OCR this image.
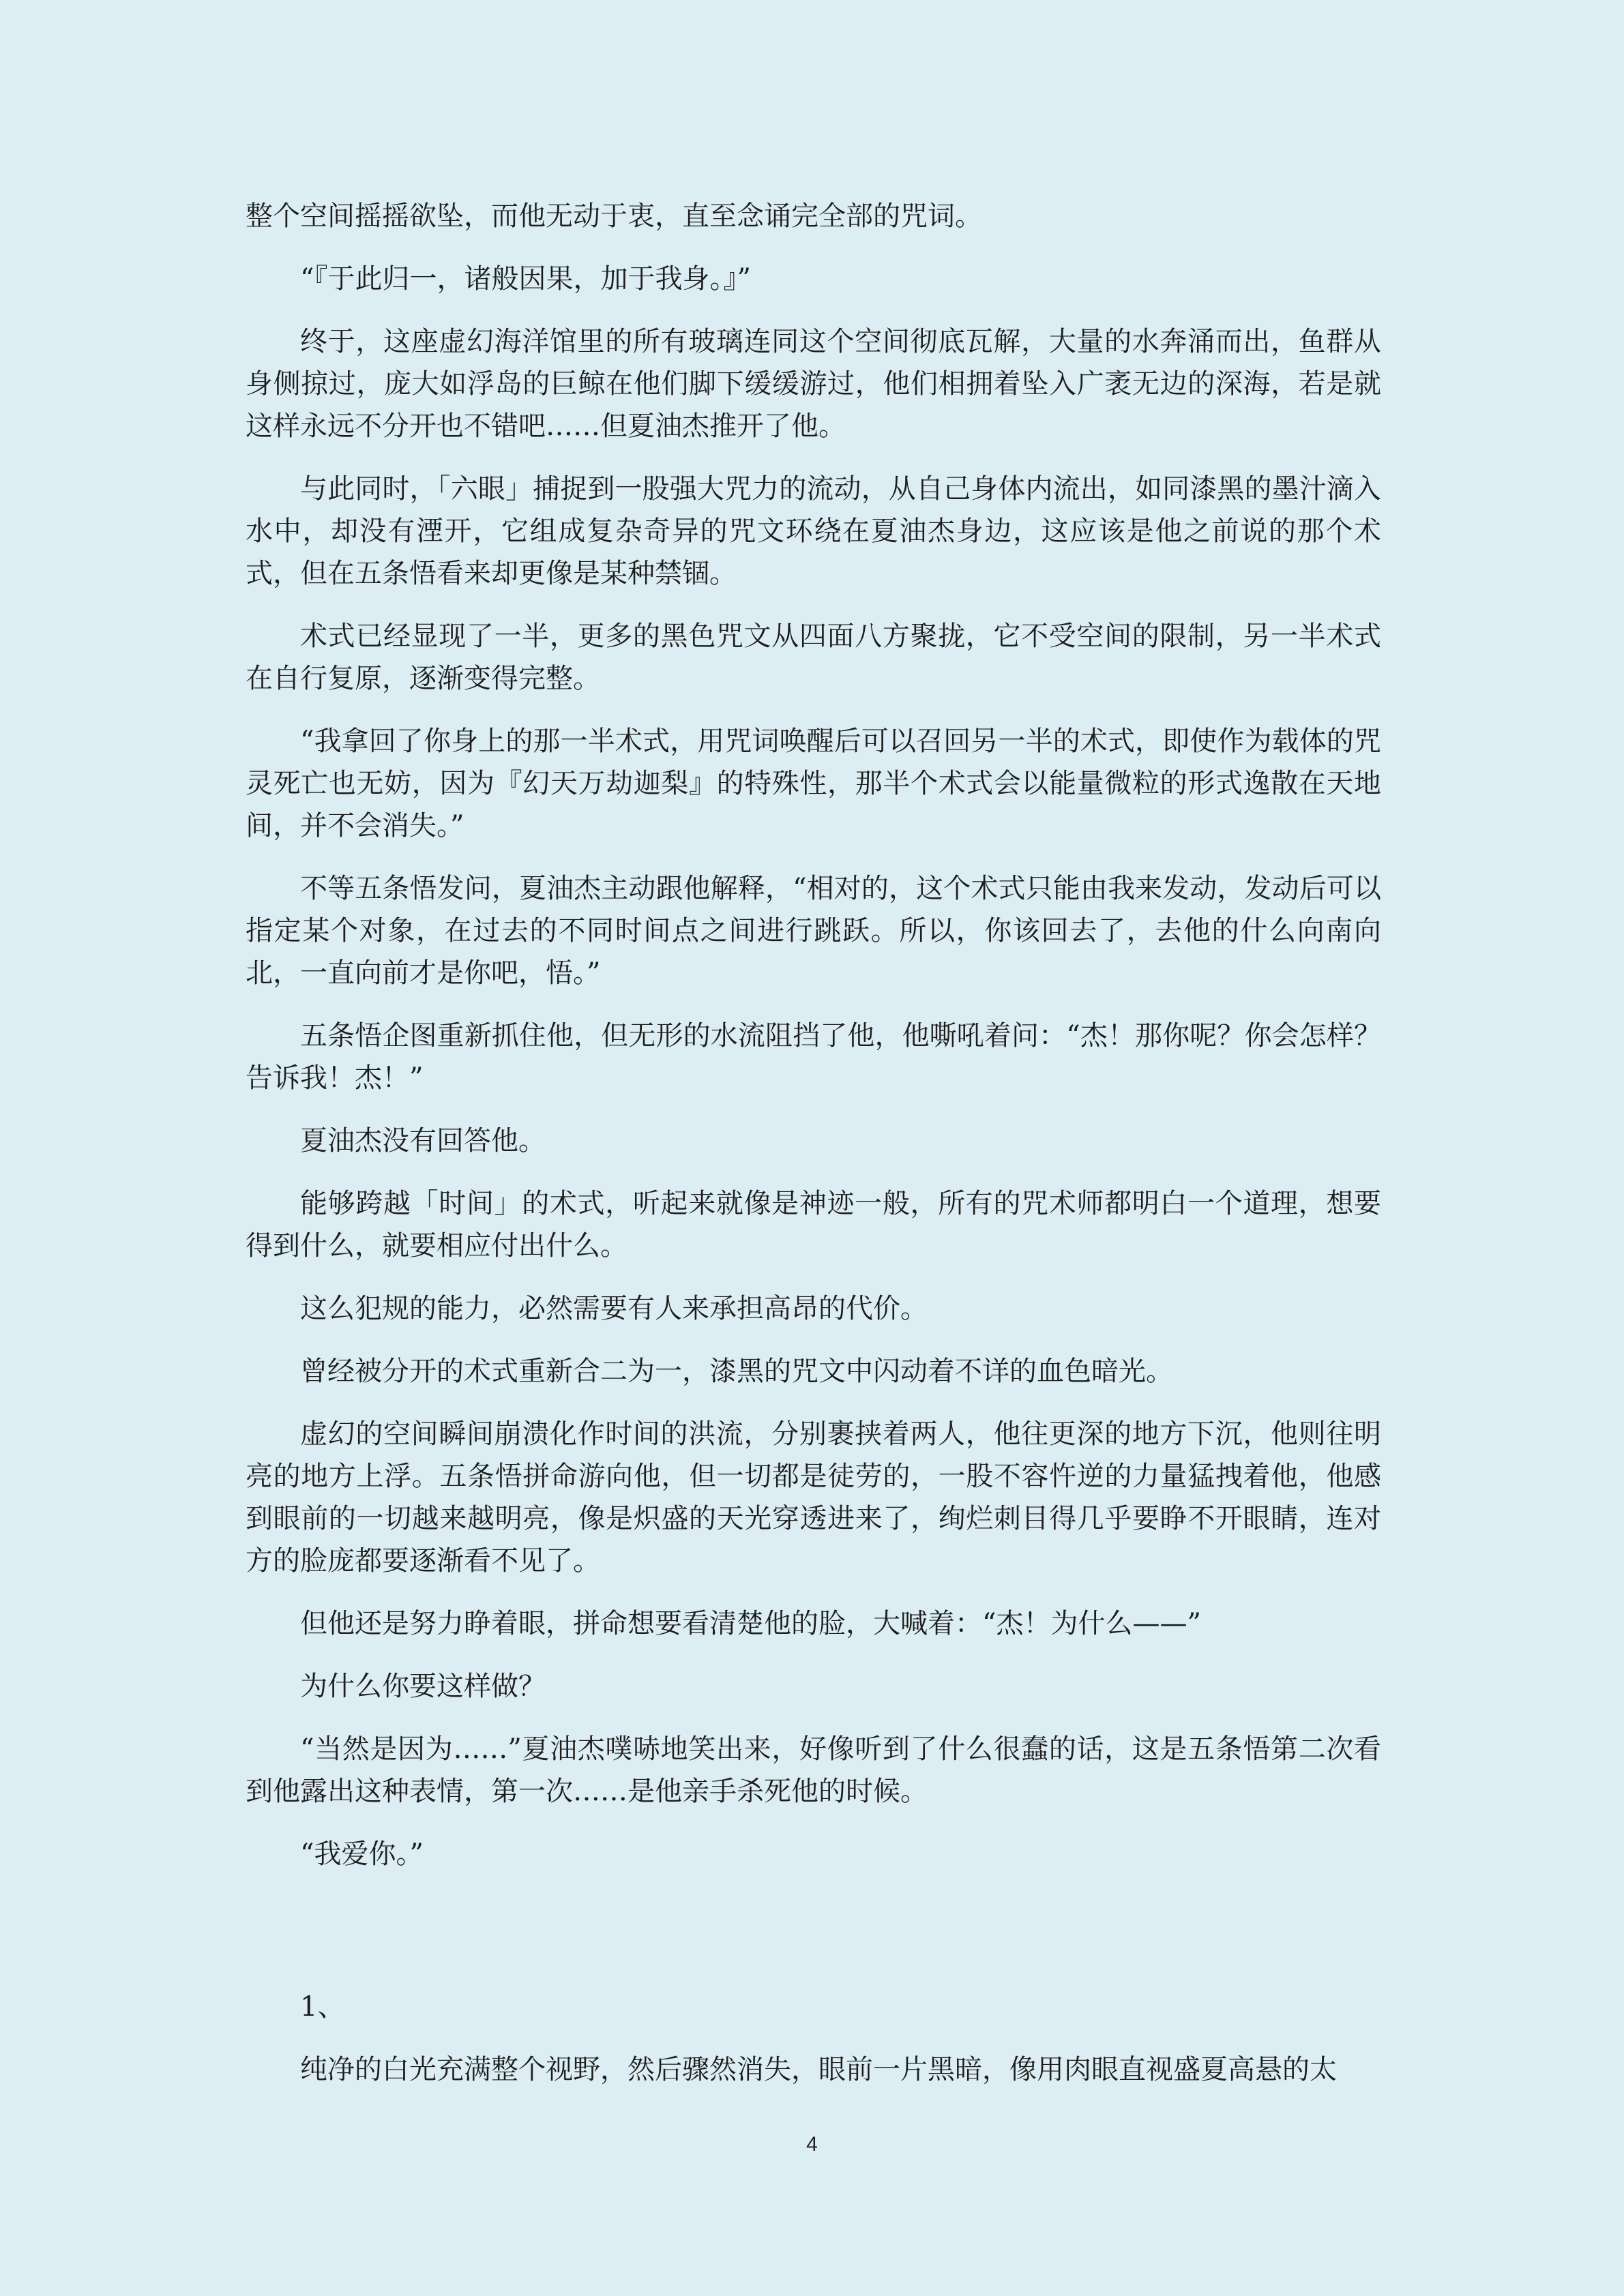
整个空间摇摇欲坠，而他无动于衷，直至念诵完全部的咒词。

“『于此归一，诸般因果，加于我身。』”

终于，这座虚幻海洋馆里的所有玻璃连同这个空间彻底瓦解，大量的水奔涌而出，鱼群从身侧掠过，庞大如浮岛的巨鲸在他们脚下缓缓游过，他们相拥着坠入广袤无边的深海，若是就这样永远不分开也不错吧……但夏油杰推开了他。

与此同时，「六眼」捕捉到一股强大咒力的流动，从自己身体内流出，如同漆黑的墨汁滴入水中，却没有湮开，它组成复杂奇异的咒文环绕在夏油杰身边，这应该是他之前说的那个术式，但在五条悟看来却更像是某种禁锢。

术式已经显现了一半，更多的黑色咒文从四面八方聚拢，它不受空间的限制，另一半术式在自行复原，逐渐变得完整。

“我拿回了你身上的那一半术式，用咒词唤醒后可以召回另一半的术式，即使作为载体的咒灵死亡也无妨，因为『幻天万劫迦梨』的特殊性，那半个术式会以能量微粒的形式逸散在天地间，并不会消失。”

不等五条悟发问，夏油杰主动跟他解释，“相对的，这个术式只能由我来发动，发动后可以指定某个对象，在过去的不同时间点之间进行跳跃。所以，你该回去了，去他的什么向南向北，一直向前才是你吧，悟。”

五条悟企图重新抓住他，但无形的水流阻挡了他，他嘶吼着问：“杰！那你呢？你会怎样？告诉我！杰！”

夏油杰没有回答他。

能够跨越「时间」的术式，听起来就像是神迹一般，所有的咒术师都明白一个道理，想要得到什么，就要相应付出什么。

这么犯规的能力，必然需要有人来承担高昂的代价。

曾经被分开的术式重新合二为一，漆黑的咒文中闪动着不详的血色暗光。

虚幻的空间瞬间崩溃化作时间的洪流，分别裹挟着两人，他往更深的地方下沉，他则往明亮的地方上浮。五条悟拼命游向他，但一切都是徒劳的，一股不容忤逆的力量猛拽着他，他感到眼前的一切越来越明亮，像是炽盛的天光穿透进来了，绚烂刺目得几乎要睁不开眼睛，连对方的脸庞都要逐渐看不见了。

但他还是努力睁着眼，拼命想要看清楚他的脸，大喊着：“杰！为什么——”

为什么你要这样做？

“当然是因为……”夏油杰噗哧地笑出来，好像听到了什么很蠢的话，这是五条悟第二次看到他露出这种表情，第一次……是他亲手杀死他的时候。

“我爱你。”

1、

纯净的白光充满整个视野，然后骤然消失，眼前一片黑暗，像用肉眼直视盛夏高悬的太

4
